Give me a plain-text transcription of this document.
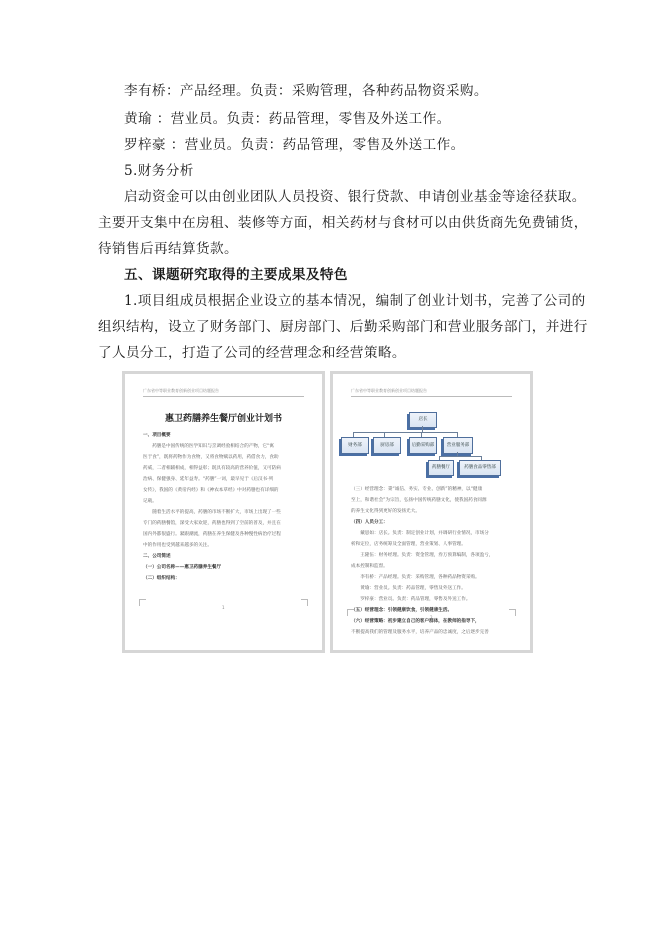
李有桥：产品经理。负责：采购管理，各种药品物资采购。
黄瑜 ：营业员。负责：药品管理，零售及外送工作。
罗梓豪 ：营业员。负责：药品管理，零售及外送工作。
5.财务分析
启动资金可以由创业团队人员投资、银行贷款、申请创业基金等途径获取。
主要开支集中在房租、装修等方面，相关药材与食材可以由供货商先免费铺货，
待销售后再结算货款。
五、课题研究取得的主要成果及特色
1.项目组成员根据企业设立的基本情况，编制了创业计划书，完善了公司的
组织结构，设立了财务部门、厨房部门、后勤采购部门和营业服务部门，并进行
了人员分工，打造了公司的经营理念和经营策略。
广东省中等职业教育创新创业项目结题报告
惠卫药膳养生餐厅创业计划书
一、项目概要
　　药膳是中国传统的医学知识与烹调经验相结合的产物，它“寓
医于食”，既将药物作为食物，又将食物赋以药用，药借食力，食助
药威，二者相辅相成，相得益彰；既具有较高的营养价值，又可防病
治病、保健强身、延年益寿。“药膳”一词，最早见于《后汉书·列
女传》，我国的《黄帝内经》和《神农本草经》中对药膳也有详细的
记载。
　　随着生活水平的提高，药膳的市场不断扩大，市场上出现了一些
专门的药膳餐馆，深受大家欢迎，药膳也得到了空前的普及，并且在
国内外都很盛行。紧跟潮流，药膳在养生保健及各种慢性病治疗过程
中的作用也受到越来越多的关注。
二、公司简述
（一）公司名称——惠卫药膳养生餐厅
（二）组织结构：
1
广东省中等职业教育创新创业项目结题报告
店长
财务部	厨房部	后勤采购部	营业服务部
药膳餐厅	药膳食品零售部
（三）经营理念：秉“诚信、务实、专业、创新”的精神，以“健康
至上，和谐社会”为宗旨，弘扬中国传统药膳文化，使我国药食同源
的养生文化得到更好的发扬光大。
（四）人员分工：
　　戴思如：店长。负责：制定创业计划，并调研行业情况，市场分
析和定位，店务统筹及全面管理，营业策划、人事管理。
　　王隆伍：财务经理。负责：资金管理，券万预算编制，各项盈亏，
成本控制和监督。
　　李有桥：产品经理。负责：采购管理，各种药品物资采购。
　　黄瑜：营业员。负责：药品管理，零售及外送工作。
　　罗梓豪：营业员。负责：药品管理，零售及外送工作。
（五）经营理念：引领健康饮食，引领健康生活。
（六）经营策略：初步建立自己的客户群体，在教师的指导下，
不断提高我们的管理及服务水平，培养产品的忠诚度，之后逐步完善
2
